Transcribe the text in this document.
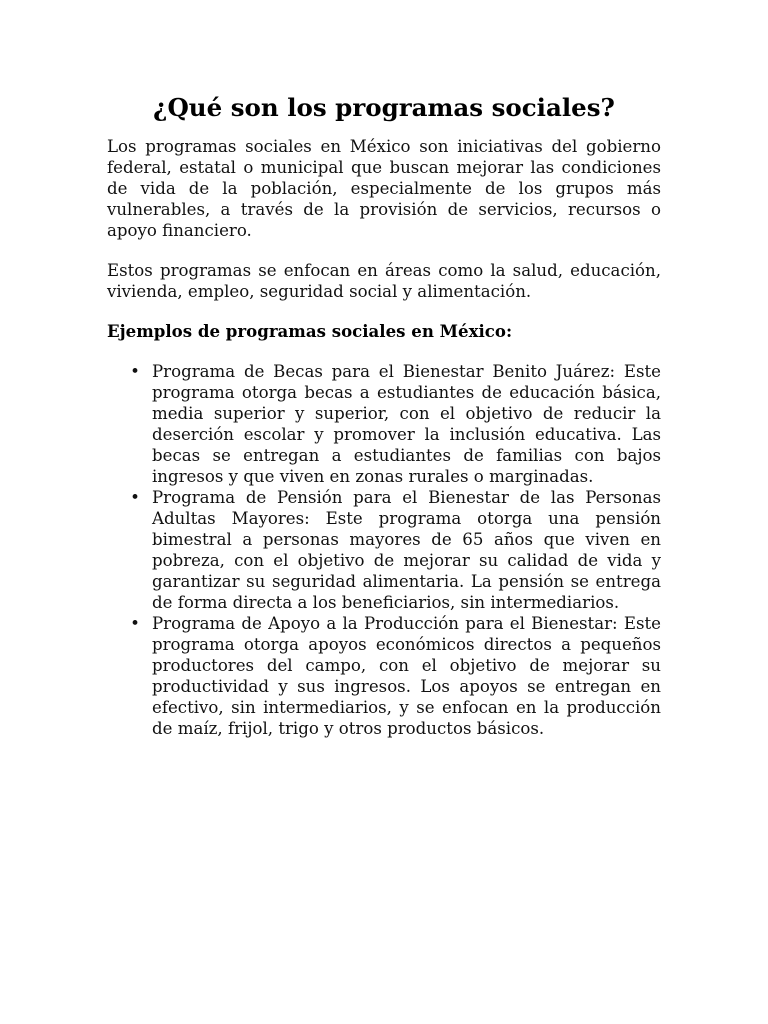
¿Qué son los programas sociales?

Los programas sociales en México son iniciativas del gobierno federal, estatal o municipal que buscan mejorar las condiciones de vida de la población, especialmente de los grupos más vulnerables, a través de la provisión de servicios, recursos o apoyo financiero.

Estos programas se enfocan en áreas como la salud, educación, vivienda, empleo, seguridad social y alimentación.

Ejemplos de programas sociales en México:

• Programa de Becas para el Bienestar Benito Juárez: Este programa otorga becas a estudiantes de educación básica, media superior y superior, con el objetivo de reducir la deserción escolar y promover la inclusión educativa. Las becas se entregan a estudiantes de familias con bajos ingresos y que viven en zonas rurales o marginadas.
• Programa de Pensión para el Bienestar de las Personas Adultas Mayores: Este programa otorga una pensión bimestral a personas mayores de 65 años que viven en pobreza, con el objetivo de mejorar su calidad de vida y garantizar su seguridad alimentaria. La pensión se entrega de forma directa a los beneficiarios, sin intermediarios.
• Programa de Apoyo a la Producción para el Bienestar: Este programa otorga apoyos económicos directos a pequeños productores del campo, con el objetivo de mejorar su productividad y sus ingresos. Los apoyos se entregan en efectivo, sin intermediarios, y se enfocan en la producción de maíz, frijol, trigo y otros productos básicos.
